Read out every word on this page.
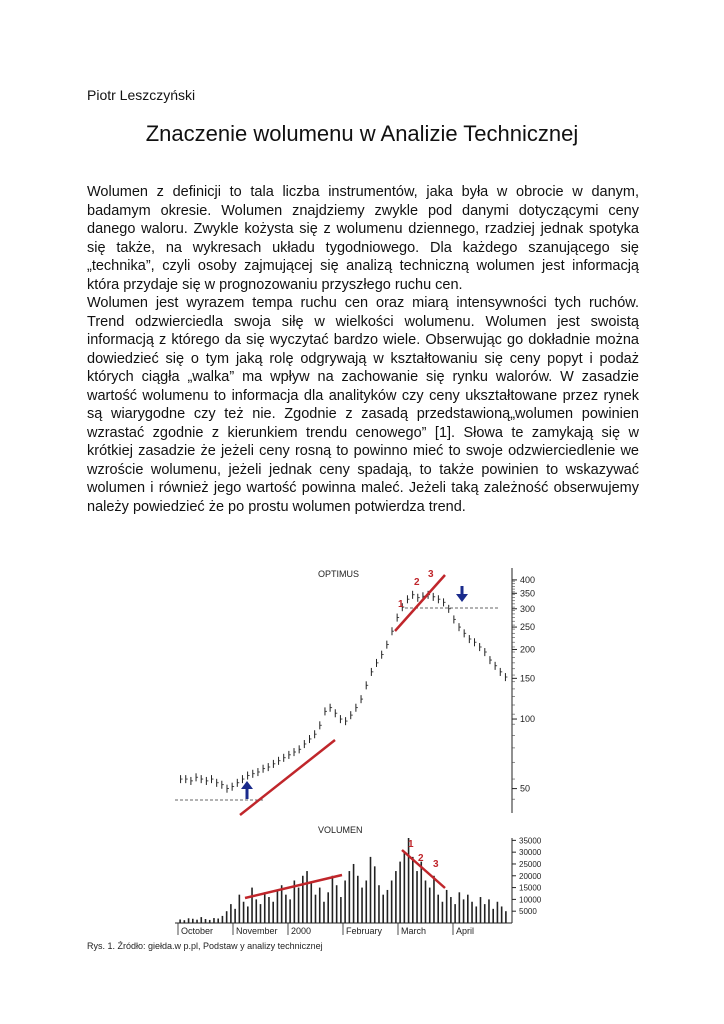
Piotr Leszczyński
Znaczenie wolumenu w Analizie Technicznej

Wolumen z definicji to tala liczba instrumentów, jaka była w obrocie w danym, badamym okresie. Wolumen znajdziemy zwykle pod danymi dotyczącymi ceny danego waloru. Zwykle kożysta się z wolumenu dziennego, rzadziej jednak spotyka się także, na wykresach układu tygodniowego. Dla każdego szanującego się „technika”, czyli osoby zajmującej się analizą techniczną wolumen jest informacją która przydaje się w prognozowaniu przyszłego ruchu cen.

Wolumen jest wyrazem tempa ruchu cen oraz miarą intensywności tych ruchów. Trend odzwierciedla swoja siłę w wielkości wolumenu. Wolumen jest swoistą informacją z którego da się wyczytać bardzo wiele. Obserwując go dokładnie można dowiedzieć się o tym jaką rolę odgrywają w kształtowaniu się ceny popyt i podaż których ciągła „walka” ma wpływ na zachowanie się rynku walorów. W zasadzie wartość wolumenu to informacja dla analityków czy ceny ukształtowane przez rynek są wiarygodne czy też nie. Zgodnie z zasadą przedstawioną„wolumen powinien wzrastać zgodnie z kierunkiem trendu cenowego” [1]. Słowa te zamykają się w krótkiej zasadzie że jeżeli ceny rosną to powinno mieć to swoje odzwierciedlenie we wzroście wolumenu, jeżeli jednak ceny spadają, to także powinien to wskazywać wolumen i również jego wartość powinna maleć. Jeżeli taką zależność obserwujemy należy powiedzieć że po prostu wolumen potwierdza trend.

OPTIMUS
50
100
150
200
250
300
350
400
1
2
3
VOLUMEN
5000
10000
15000
20000
25000
30000
35000
1
2
3
October	November 2000	February March	April
Rys. 1. Źródło: giełda.w p.pl, Podstaw y analizy technicznej
